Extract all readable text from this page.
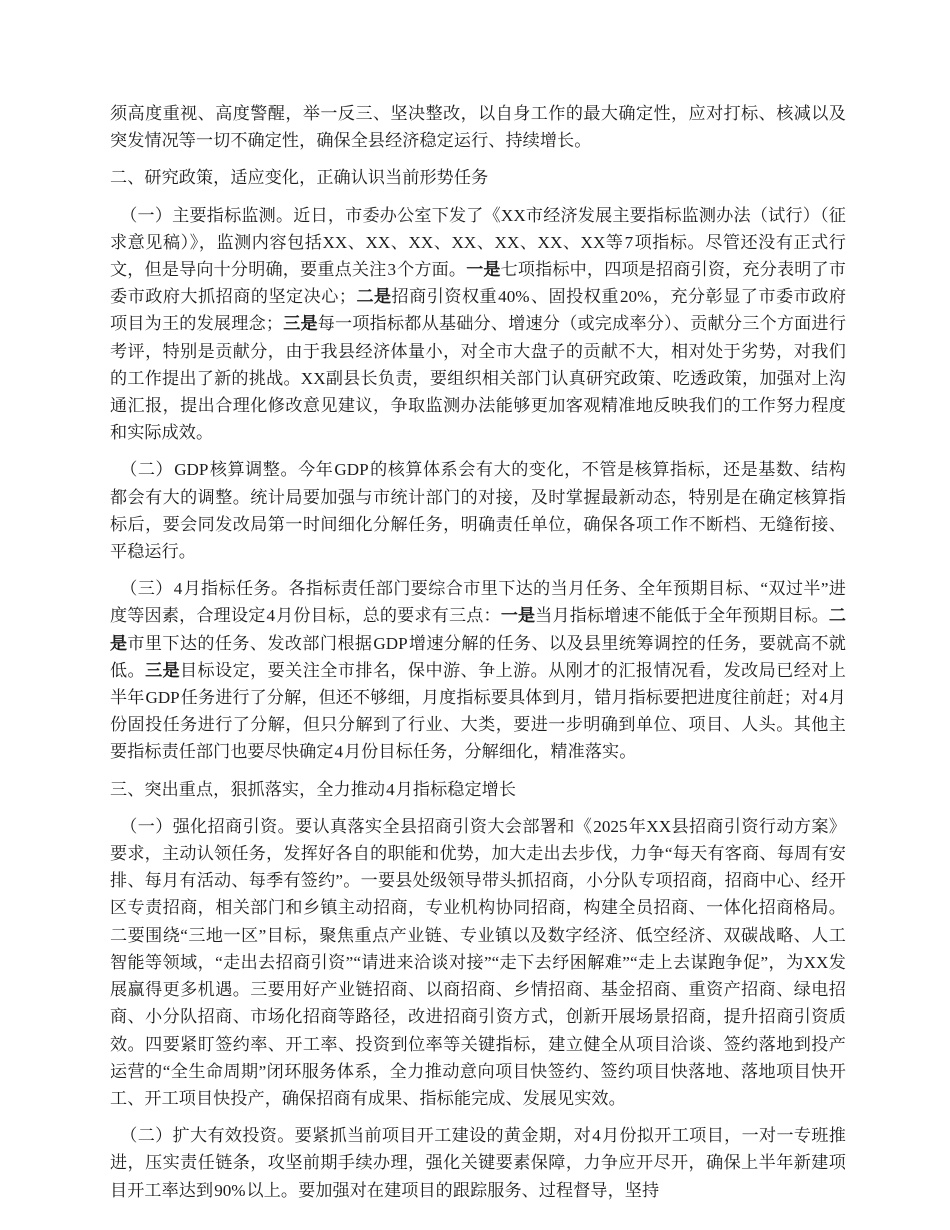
须高度重视、高度警醒，举一反三、坚决整改，以自身工作的最大确定性，应对打标、核减以及突发情况等一切不确定性，确保全县经济稳定运行、持续增长。

二、研究政策，适应变化，正确认识当前形势任务

（一）主要指标监测。近日，市委办公室下发了《XX市经济发展主要指标监测办法（试行）（征求意见稿）》，监测内容包括XX、XX、XX、XX、XX、XX、XX等7项指标。尽管还没有正式行文，但是导向十分明确，要重点关注3个方面。一是七项指标中，四项是招商引资，充分表明了市委市政府大抓招商的坚定决心；二是招商引资权重40%、固投权重20%，充分彰显了市委市政府项目为王的发展理念；三是每一项指标都从基础分、增速分（或完成率分）、贡献分三个方面进行考评，特别是贡献分，由于我县经济体量小，对全市大盘子的贡献不大，相对处于劣势，对我们的工作提出了新的挑战。XX副县长负责，要组织相关部门认真研究政策、吃透政策，加强对上沟通汇报，提出合理化修改意见建议，争取监测办法能够更加客观精准地反映我们的工作努力程度和实际成效。

（二）GDP核算调整。今年GDP的核算体系会有大的变化，不管是核算指标，还是基数、结构都会有大的调整。统计局要加强与市统计部门的对接，及时掌握最新动态，特别是在确定核算指标后，要会同发改局第一时间细化分解任务，明确责任单位，确保各项工作不断档、无缝衔接、平稳运行。

（三）4月指标任务。各指标责任部门要综合市里下达的当月任务、全年预期目标、“双过半”进度等因素，合理设定4月份目标，总的要求有三点：一是当月指标增速不能低于全年预期目标。二是市里下达的任务、发改部门根据GDP增速分解的任务、以及县里统筹调控的任务，要就高不就低。三是目标设定，要关注全市排名，保中游、争上游。从刚才的汇报情况看，发改局已经对上半年GDP任务进行了分解，但还不够细，月度指标要具体到月，错月指标要把进度往前赶；对4月份固投任务进行了分解，但只分解到了行业、大类，要进一步明确到单位、项目、人头。其他主要指标责任部门也要尽快确定4月份目标任务，分解细化，精准落实。

三、突出重点，狠抓落实，全力推动4月指标稳定增长

（一）强化招商引资。要认真落实全县招商引资大会部署和《2025年XX县招商引资行动方案》要求，主动认领任务，发挥好各自的职能和优势，加大走出去步伐，力争“每天有客商、每周有安排、每月有活动、每季有签约”。一要县处级领导带头抓招商，小分队专项招商，招商中心、经开区专责招商，相关部门和乡镇主动招商，专业机构协同招商，构建全员招商、一体化招商格局。二要围绕“三地一区”目标，聚焦重点产业链、专业镇以及数字经济、低空经济、双碳战略、人工智能等领域，“走出去招商引资”“请进来洽谈对接”“走下去纾困解难”“走上去谋跑争促”，为XX发展赢得更多机遇。三要用好产业链招商、以商招商、乡情招商、基金招商、重资产招商、绿电招商、小分队招商、市场化招商等路径，改进招商引资方式，创新开展场景招商，提升招商引资质效。四要紧盯签约率、开工率、投资到位率等关键指标，建立健全从项目洽谈、签约落地到投产运营的“全生命周期”闭环服务体系，全力推动意向项目快签约、签约项目快落地、落地项目快开工、开工项目快投产，确保招商有成果、指标能完成、发展见实效。

（二）扩大有效投资。要紧抓当前项目开工建设的黄金期，对4月份拟开工项目，一对一专班推进，压实责任链条，攻坚前期手续办理，强化关键要素保障，力争应开尽开，确保上半年新建项目开工率达到90%以上。要加强对在建项目的跟踪服务、过程督导，坚持
